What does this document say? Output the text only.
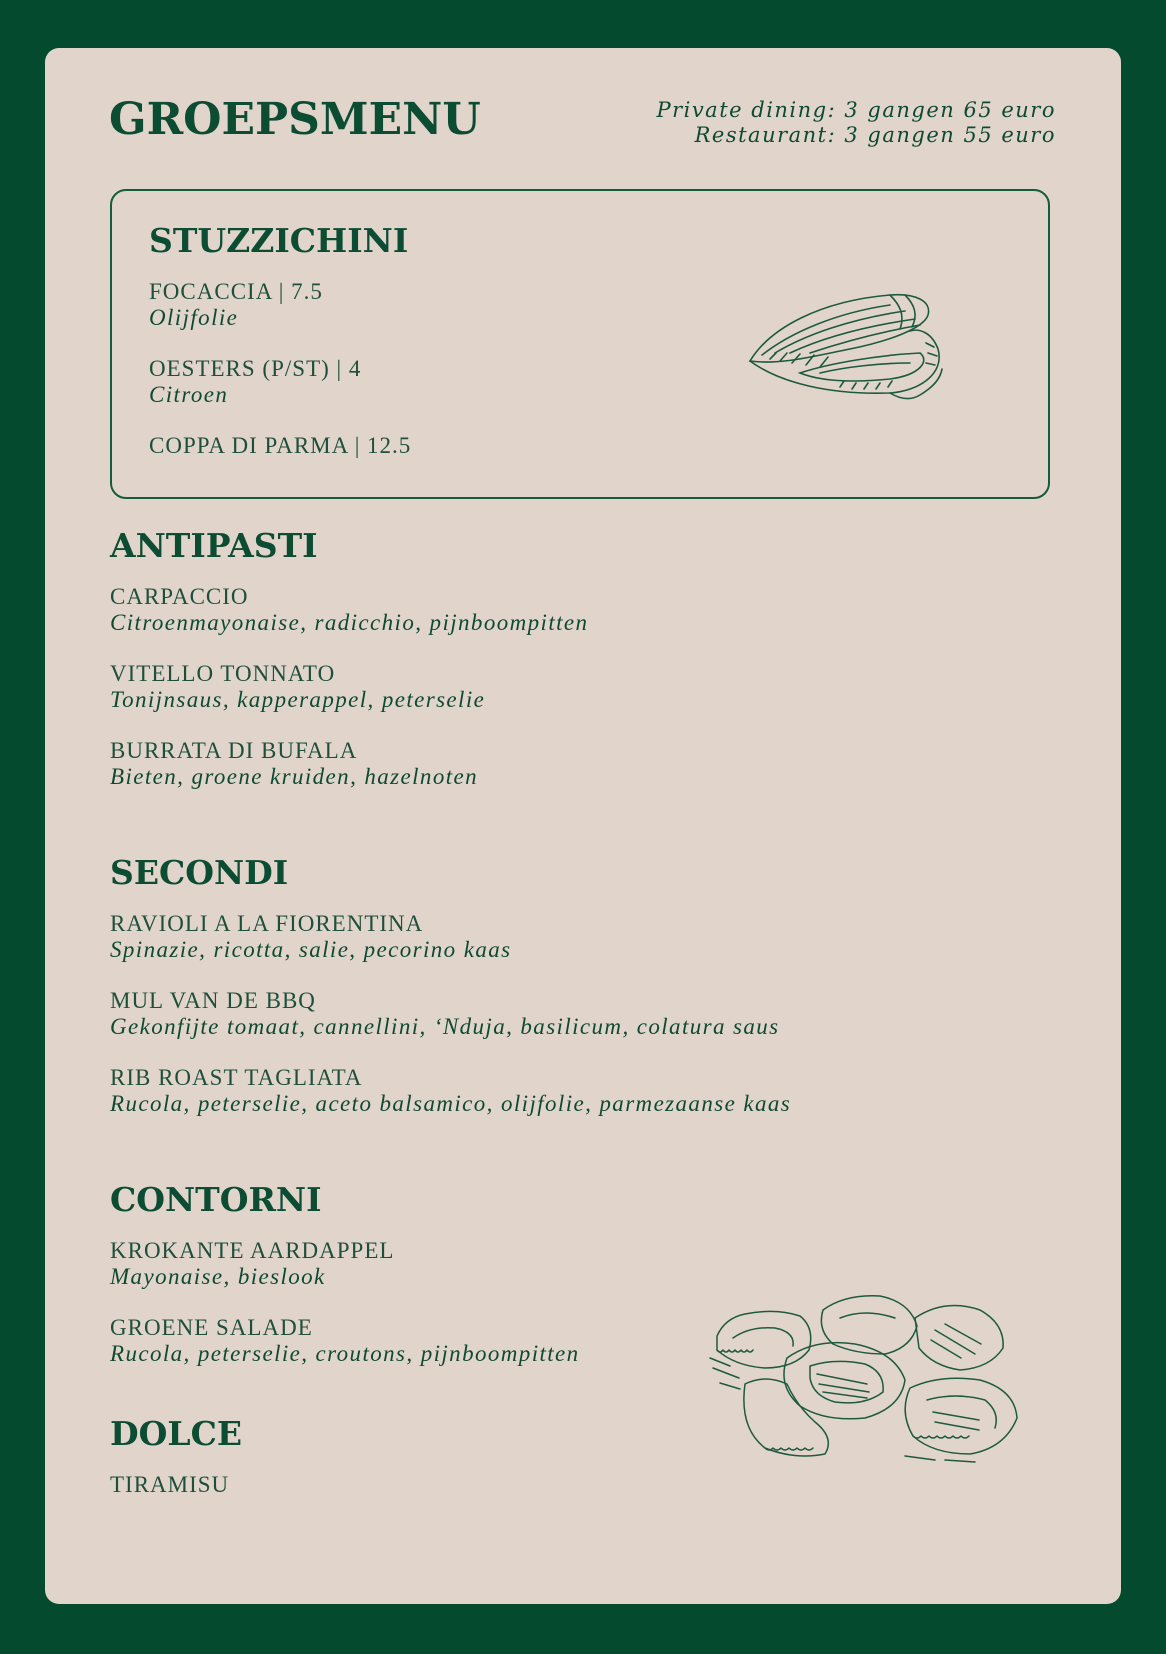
GROEPSMENU	Private dining: 3 gangen 65 euro
Restaurant: 3 gangen 55 euro
STUZZICHINI
FOCACCIA | 7.5
Olijfolie
OESTERS (P/ST) | 4
Citroen
COPPA DI PARMA | 12.5
ANTIPASTI
CARPACCIO
Citroenmayonaise, radicchio, pijnboompitten
VITELLO TONNATO
Tonijnsaus, kapperappel, peterselie
BURRATA DI BUFALA
Bieten, groene kruiden, hazelnoten
SECONDI
RAVIOLI A LA FIORENTINA
Spinazie, ricotta, salie, pecorino kaas
MUL VAN DE BBQ
Gekonfijte tomaat, cannellini, ‘Nduja, basilicum, colatura saus
RIB ROAST TAGLIATA
Rucola, peterselie, aceto balsamico, olijfolie, parmezaanse kaas
CONTORNI
KROKANTE AARDAPPEL
Mayonaise, bieslook
GROENE SALADE
Rucola, peterselie, croutons, pijnboompitten
DOLCE
TIRAMISU
